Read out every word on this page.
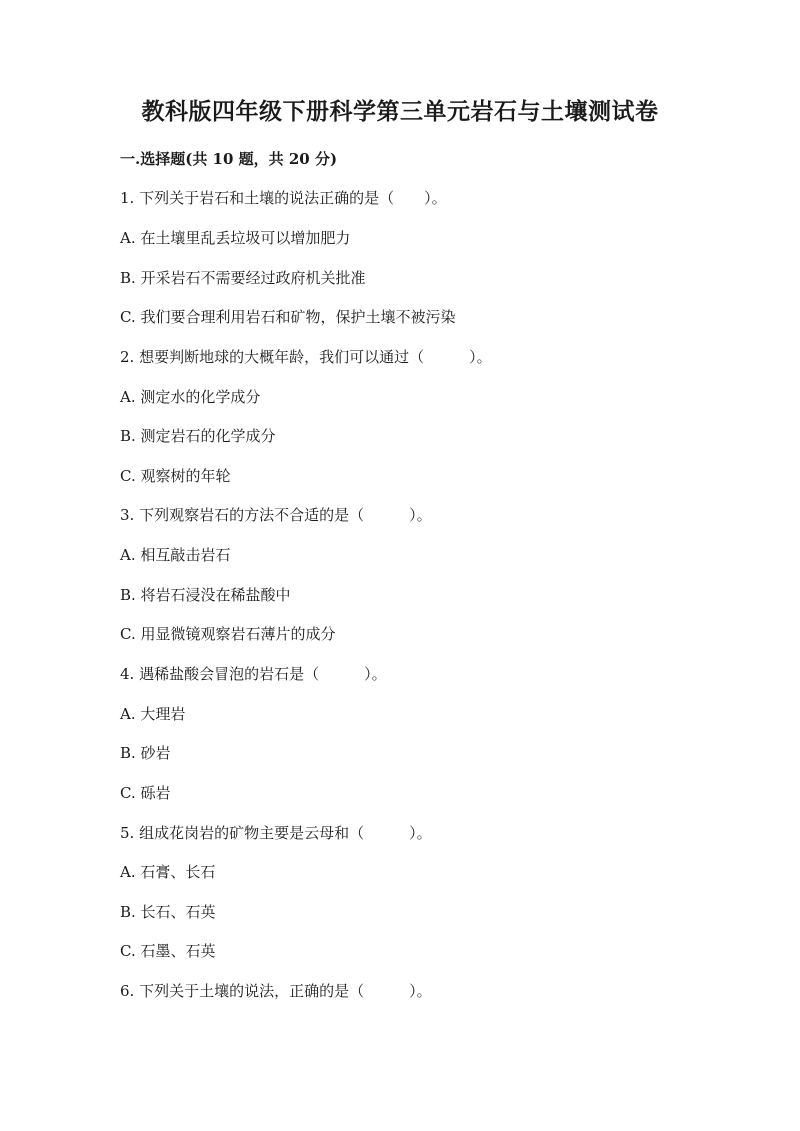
教科版四年级下册科学第三单元岩石与土壤测试卷
一.选择题(共 10 题，共 20 分)
1. 下列关于岩石和土壤的说法正确的是（　　）。
A. 在土壤里乱丢垃圾可以增加肥力
B. 开采岩石不需要经过政府机关批准
C. 我们要合理利用岩石和矿物，保护土壤不被污染
2. 想要判断地球的大概年龄，我们可以通过（　　　）。
A. 测定水的化学成分
B. 测定岩石的化学成分
C. 观察树的年轮
3. 下列观察岩石的方法不合适的是（　　　）。
A. 相互敲击岩石
B. 将岩石浸没在稀盐酸中
C. 用显微镜观察岩石薄片的成分
4. 遇稀盐酸会冒泡的岩石是（　　　）。
A. 大理岩
B. 砂岩
C. 砾岩
5. 组成花岗岩的矿物主要是云母和（　　　）。
A. 石膏、长石
B. 长石、石英
C. 石墨、石英
6. 下列关于土壤的说法，正确的是（　　　）。
